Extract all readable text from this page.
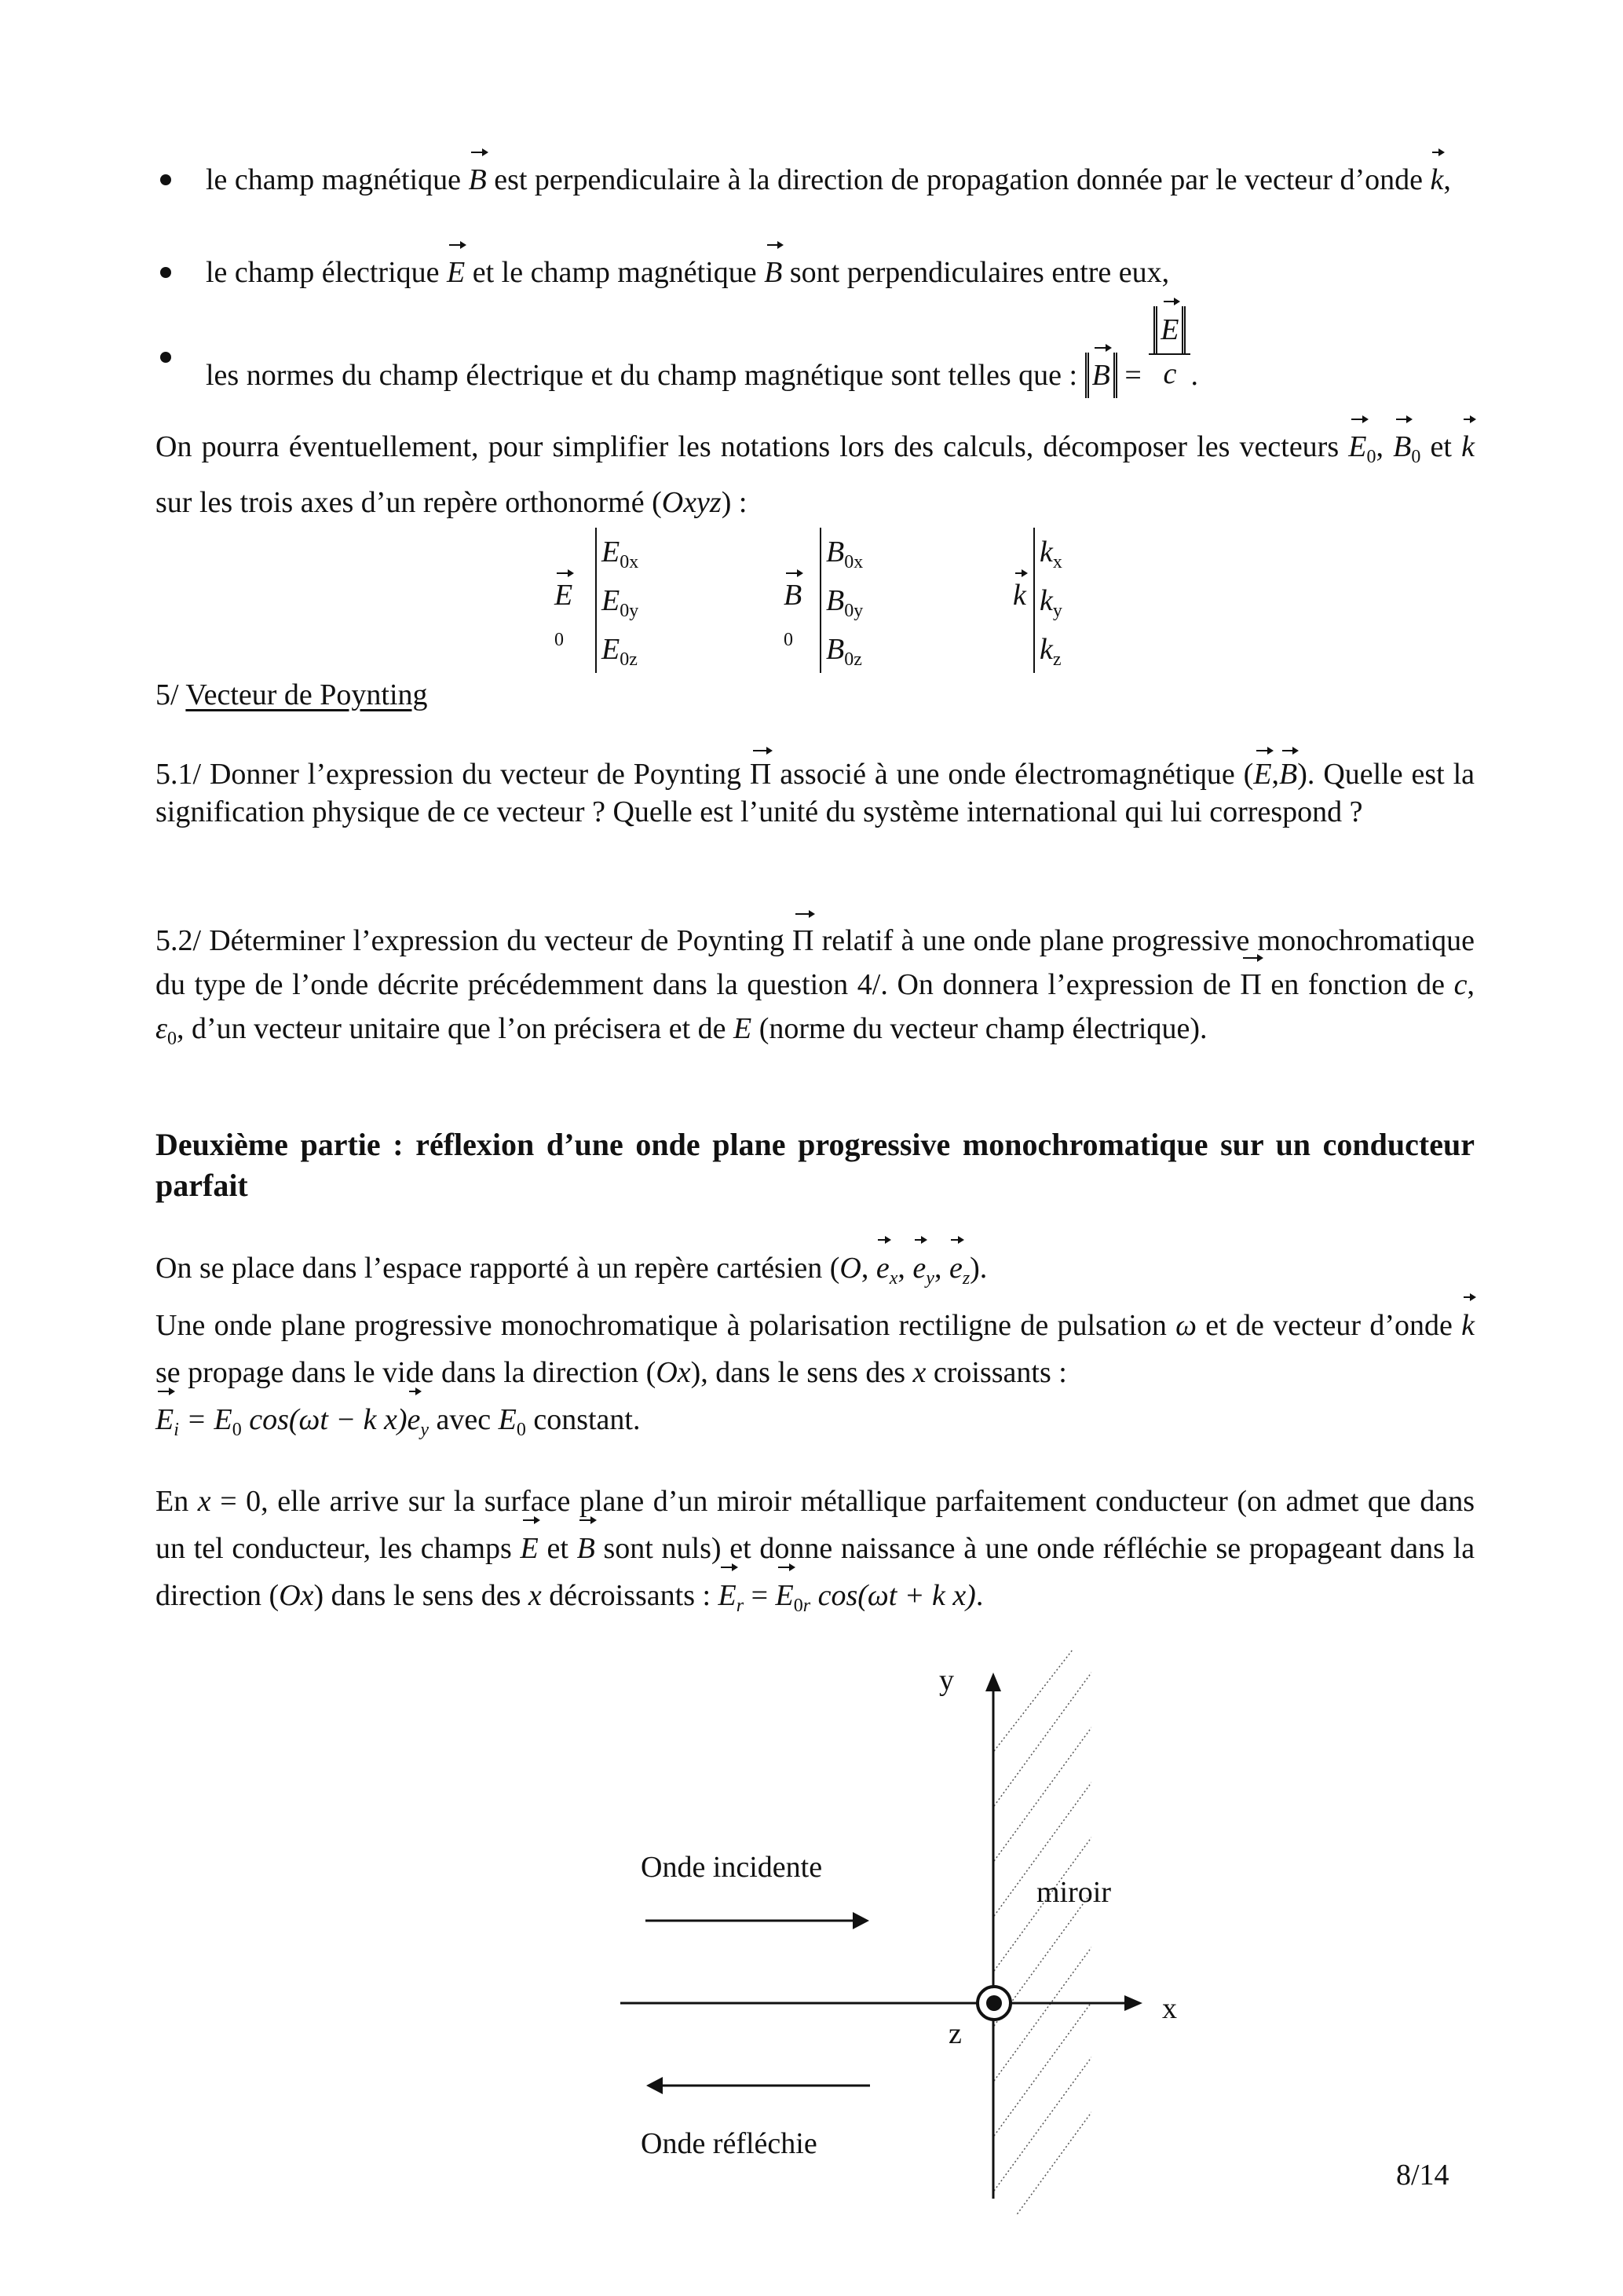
le champ magnétique B est perpendiculaire à la direction de propagation donnée par le vecteur d’onde k,
le champ électrique E et le champ magnétique B sont perpendiculaires entre eux,
les normes du champ électrique et du champ magnétique sont telles que : $B = \frac{E}{c}$ .
On pourra éventuellement, pour simplifier les notations lors des calculs, décomposer les vecteurs $E_0$, $B_0$ et k sur les trois axes d’un repère orthonormé (Oxyz) :
$E_0$
$E_{0x}$
$E_{0y}$
$E_{0z}$
$B_0$
$B_{0x}$
$B_{0y}$
$B_{0z}$
k
$k_x$
$k_y$
$k_z$
5/ Vecteur de Poynting
5.1/ Donner l’expression du vecteur de Poynting Π associé à une onde électromagnétique (E,B). Quelle est la signification physique de ce vecteur ? Quelle est l’unité du système international qui lui correspond ?
5.2/ Déterminer l’expression du vecteur de Poynting Π relatif à une onde plane progressive monochromatique du type de l’onde décrite précédemment dans la question 4/. On donnera l’expression de Π en fonction de c, $\varepsilon_0$, d’un vecteur unitaire que l’on précisera et de E (norme du vecteur champ électrique).
Deuxième partie : réflexion d’une onde plane progressive monochromatique sur un conducteur parfait
On se place dans l’espace rapporté à un repère cartésien (O, $e_x$, $e_y$, $e_z$).
Une onde plane progressive monochromatique à polarisation rectiligne de pulsation ω et de vecteur d’onde k se propage dans le vide dans la direction (Ox), dans le sens des x croissants :
$E_i = E_0$ cos(ωt − k $x)e_y$ avec $E_0$ constant.
En x = 0, elle arrive sur la surface plane d’un miroir métallique parfaitement conducteur (on admet que dans un tel conducteur, les champs E et B sont nuls) et donne naissance à une onde réfléchie se propageant dans la direction (Ox) dans le sens des x décroissants : $E_r = E_{0r}$ cos(ωt + k x).
y
x
z
miroir
Onde incidente
Onde réfléchie
8/14
